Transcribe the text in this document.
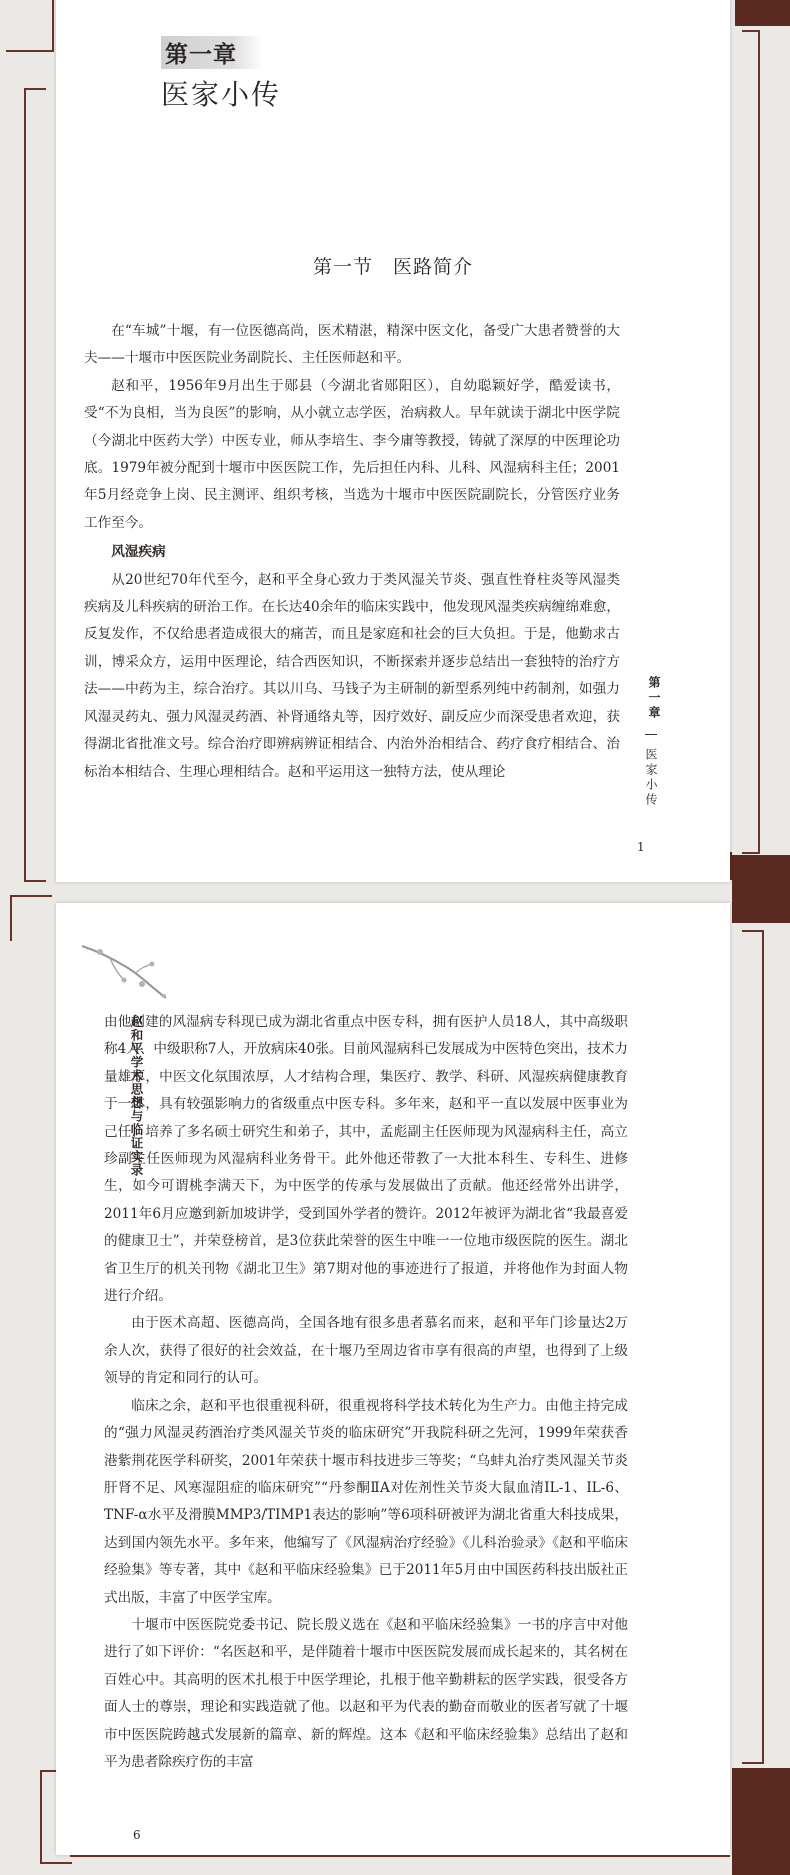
第一章
医家小传
第一节　医路简介

在“车城”十堰，有一位医德高尚，医术精湛，精深中医文化，备受广大患者赞誉的大夫——十堰市中医医院业务副院长、主任医师赵和平。

赵和平，1956年9月出生于郧县（今湖北省郧阳区），自幼聪颖好学，酷爱读书，受“不为良相，当为良医”的影响，从小就立志学医，治病救人。早年就读于湖北中医学院（今湖北中医药大学）中医专业，师从李培生、李今庸等教授，铸就了深厚的中医理论功底。1979年被分配到十堰市中医医院工作，先后担任内科、儿科、风湿病科主任；2001年5月经竞争上岗、民主测评、组织考核，当选为十堰市中医医院副院长，分管医疗业务工作至今。

风湿疾病

从20世纪70年代至今，赵和平全身心致力于类风湿关节炎、强直性脊柱炎等风湿类疾病及儿科疾病的研治工作。在长达40余年的临床实践中，他发现风湿类疾病缠绵难愈，反复发作，不仅给患者造成很大的痛苦，而且是家庭和社会的巨大负担。于是，他勤求古训，博采众方，运用中医理论，结合西医知识，不断探索并逐步总结出一套独特的治疗方法——中药为主，综合治疗。其以川乌、马钱子为主研制的新型系列纯中药制剂，如强力风湿灵药丸、强力风湿灵药酒、补肾通络丸等，因疗效好、副反应少而深受患者欢迎，获得湖北省批准文号。综合治疗即辨病辨证相结合、内治外治相结合、药疗食疗相结合、治标治本相结合、生理心理相结合。赵和平运用这一独特方法，使从理论

第一章
医家小传
1
赵和平学术思想与临证实录

由他创建的风湿病专科现已成为湖北省重点中医专科，拥有医护人员18人，其中高级职称4人、中级职称7人，开放病床40张。目前风湿病科已发展成为中医特色突出，技术力量雄厚，中医文化氛围浓厚，人才结构合理，集医疗、教学、科研、风湿疾病健康教育于一体，具有较强影响力的省级重点中医专科。多年来，赵和平一直以发展中医事业为己任，培养了多名硕士研究生和弟子，其中，孟彪副主任医师现为风湿病科主任，高立珍副主任医师现为风湿病科业务骨干。此外他还带教了一大批本科生、专科生、进修生，如今可谓桃李满天下，为中医学的传承与发展做出了贡献。他还经常外出讲学，2011年6月应邀到新加坡讲学，受到国外学者的赞许。2012年被评为湖北省“我最喜爱的健康卫士”，并荣登榜首，是3位获此荣誉的医生中唯一一位地市级医院的医生。湖北省卫生厅的机关刊物《湖北卫生》第7期对他的事迹进行了报道，并将他作为封面人物进行介绍。

由于医术高超、医德高尚，全国各地有很多患者慕名而来，赵和平年门诊量达2万余人次，获得了很好的社会效益，在十堰乃至周边省市享有很高的声望，也得到了上级领导的肯定和同行的认可。

临床之余，赵和平也很重视科研，很重视将科学技术转化为生产力。由他主持完成的“强力风湿灵药酒治疗类风湿关节炎的临床研究”开我院科研之先河，1999年荣获香港紫荆花医学科研奖，2001年荣获十堰市科技进步三等奖；“乌蚌丸治疗类风湿关节炎肝肾不足、风寒湿阻症的临床研究”“丹参酮ⅡA对佐剂性关节炎大鼠血清IL-1、IL-6、TNF-α水平及滑膜MMP3/TIMP1表达的影响”等6项科研被评为湖北省重大科技成果，达到国内领先水平。多年来，他编写了《风湿病治疗经验》《儿科治验录》《赵和平临床经验集》等专著，其中《赵和平临床经验集》已于2011年5月由中国医药科技出版社正式出版，丰富了中医学宝库。

十堰市中医医院党委书记、院长殷义选在《赵和平临床经验集》一书的序言中对他进行了如下评价：“名医赵和平，是伴随着十堰市中医医院发展而成长起来的，其名树在百姓心中。其高明的医术扎根于中医学理论，扎根于他辛勤耕耘的医学实践，很受各方面人士的尊崇，理论和实践造就了他。以赵和平为代表的勤奋而敬业的医者写就了十堰市中医医院跨越式发展新的篇章、新的辉煌。这本《赵和平临床经验集》总结出了赵和平为患者除疾疗伤的丰富

6
